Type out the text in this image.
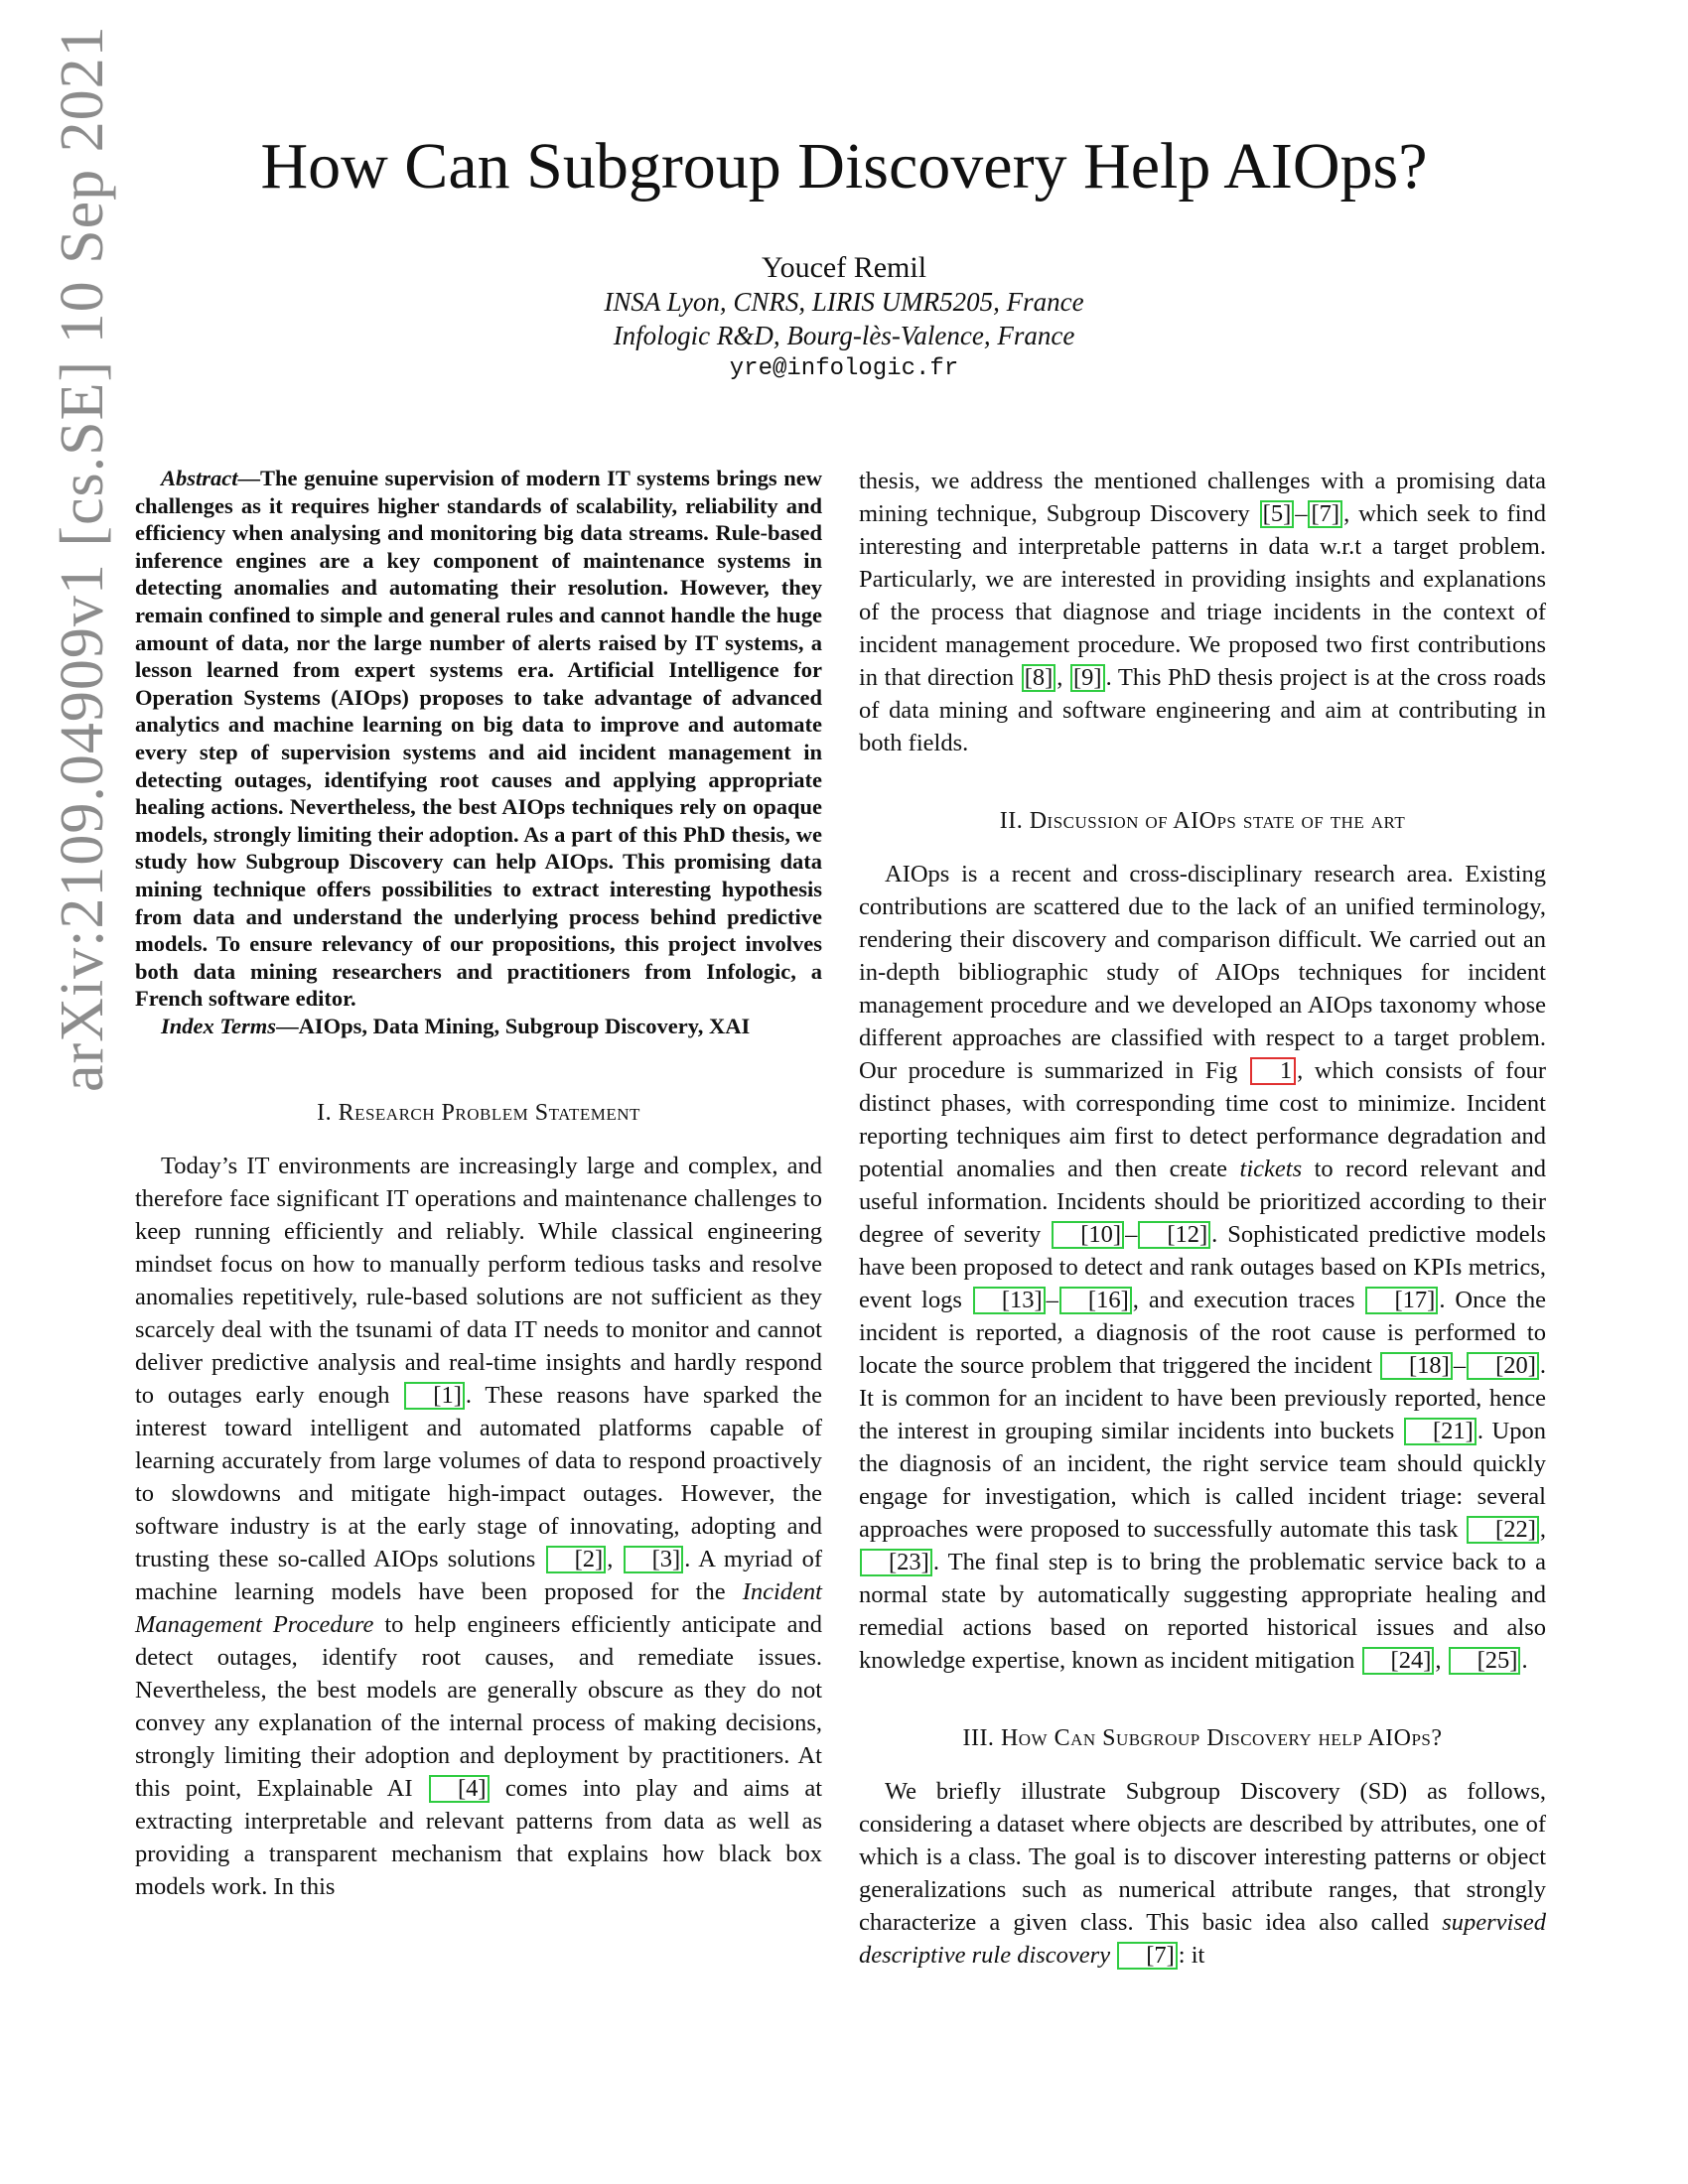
arXiv:2109.04909v1 [cs.SE] 10 Sep 2021	How Can Subgroup Discovery Help AIOps?
Youcef Remil
INSA Lyon, CNRS, LIRIS UMR5205, France
Infologic R&D, Bourg-lès-Valence, France
yre@infologic.fr

Abstract—The genuine supervision of modern IT systems brings new challenges as it requires higher standards of scalability, reliability and efficiency when analysing and monitoring big data streams. Rule-based inference engines are a key component of maintenance systems in detecting anomalies and automating their resolution. However, they remain confined to simple and general rules and cannot handle the huge amount of data, nor the large number of alerts raised by IT systems, a lesson learned from expert systems era. Artificial Intelligence for Operation Systems (AIOps) proposes to take advantage of advanced analytics and machine learning on big data to improve and automate every step of supervision systems and aid incident management in detecting outages, identifying root causes and applying appropriate healing actions. Nevertheless, the best AIOps techniques rely on opaque models, strongly limiting their adoption. As a part of this PhD thesis, we study how Subgroup Discovery can help AIOps. This promising data mining technique offers possibilities to extract interesting hypothesis from data and understand the underlying process behind predictive models. To ensure relevancy of our propositions, this project involves both data mining researchers and practitioners from Infologic, a French software editor.

Index Terms—AIOps, Data Mining, Subgroup Discovery, XAI

I. Research Problem Statement

Today’s IT environments are increasingly large and complex, and therefore face significant IT operations and maintenance challenges to keep running efficiently and reliably. While classical engineering mindset focus on how to manually perform tedious tasks and resolve anomalies repetitively, rule-based solutions are not sufficient as they scarcely deal with the tsunami of data IT needs to monitor and cannot deliver predictive analysis and real-time insights and hardly respond to outages early enough [1] . These reasons have sparked the interest toward intelligent and automated platforms capable of learning accurately from large volumes of data to respond proactively to slowdowns and mitigate high-impact outages. However, the software industry is at the early stage of innovating, adopting and trusting these so-called AIOps solutions [2] , [3] . A myriad of machine learning models have been proposed for the Incident Management Procedure to help engineers efficiently anticipate and detect outages, identify root causes, and remediate issues. Nevertheless, the best models are generally obscure as they do not convey any explanation of the internal process of making decisions, strongly limiting their adoption and deployment by practitioners. At this point, Explainable AI [4] comes into play and aims at extracting interpretable and relevant patterns from data as well as providing a transparent mechanism that explains how black box models work. In this

thesis, we address the mentioned challenges with a promising data mining technique, Subgroup Discovery [5] – [7] , which seek to find interesting and interpretable patterns in data w.r.t a target problem. Particularly, we are interested in providing insights and explanations of the process that diagnose and triage incidents in the context of incident management procedure. We proposed two first contributions in that direction [8] , [9] . This PhD thesis project is at the cross roads of data mining and software engineering and aim at contributing in both fields.

II. Discussion of AIOps state of the art

AIOps is a recent and cross-disciplinary research area. Existing contributions are scattered due to the lack of an unified terminology, rendering their discovery and comparison difficult. We carried out an in-depth bibliographic study of AIOps techniques for incident management procedure and we developed an AIOps taxonomy whose different approaches are classified with respect to a target problem. Our procedure is summarized in Fig 1 , which consists of four distinct phases, with corresponding time cost to minimize. Incident reporting techniques aim first to detect performance degradation and potential anomalies and then create tickets to record relevant and useful information. Incidents should be prioritized according to their degree of severity [10] – [12] . Sophisticated predictive models have been proposed to detect and rank outages based on KPIs metrics, event logs [13] – [16] , and execution traces [17] . Once the incident is reported, a diagnosis of the root cause is performed to locate the source problem that triggered the incident [18] – [20] . It is common for an incident to have been previously reported, hence the interest in grouping similar incidents into buckets [21] . Upon the diagnosis of an incident, the right service team should quickly engage for investigation, which is called incident triage: several approaches were proposed to successfully automate this task [22] , [23] . The final step is to bring the problematic service back to a normal state by automatically suggesting appropriate healing and remedial actions based on reported historical issues and also knowledge expertise, known as incident mitigation [24] , [25] .

III. How Can Subgroup Discovery help AIOps?

We briefly illustrate Subgroup Discovery (SD) as follows, considering a dataset where objects are described by attributes, one of which is a class. The goal is to discover interesting patterns or object generalizations such as numerical attribute ranges, that strongly characterize a given class. This basic idea also called supervised descriptive rule discovery [7] : it
